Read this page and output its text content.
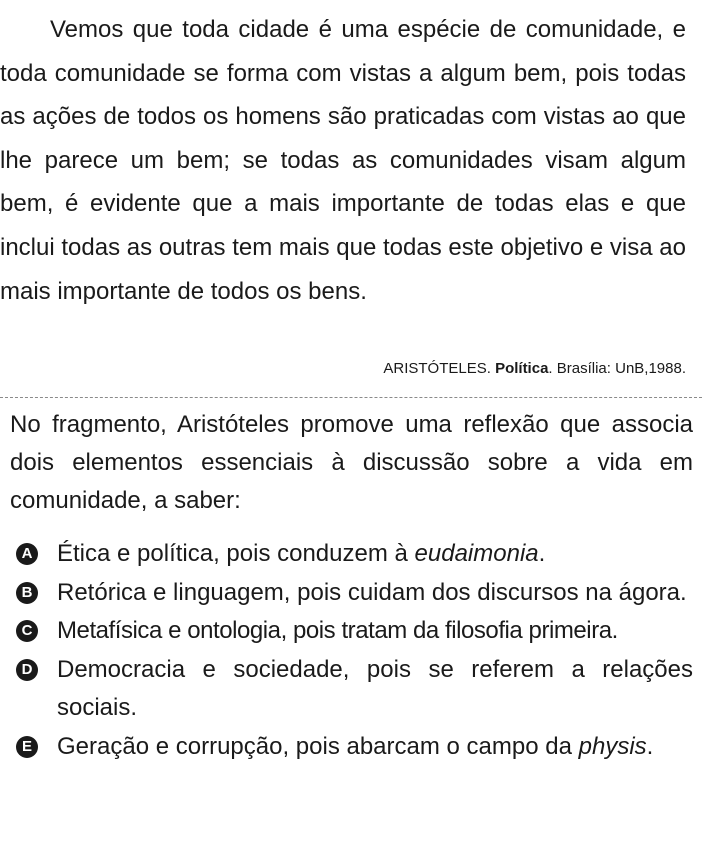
Vemos que toda cidade é uma espécie de comunidade, e toda comunidade se forma com vistas a algum bem, pois todas as ações de todos os homens são praticadas com vistas ao que lhe parece um bem; se todas as comunidades visam algum bem, é evidente que a mais importante de todas elas e que inclui todas as outras tem mais que todas este objetivo e visa ao mais importante de todos os bens.

ARISTÓTELES. Política. Brasília: UnB,1988.

No fragmento, Aristóteles promove uma reflexão que associa dois elementos essenciais à discussão sobre a vida em comunidade, a saber:

A Ética e política, pois conduzem à eudaimonia.
B Retórica e linguagem, pois cuidam dos discursos na ágora.
C Metafísica e ontologia, pois tratam da filosofia primeira.
D Democracia e sociedade, pois se referem a relações sociais.
E Geração e corrupção, pois abarcam o campo da physis.
